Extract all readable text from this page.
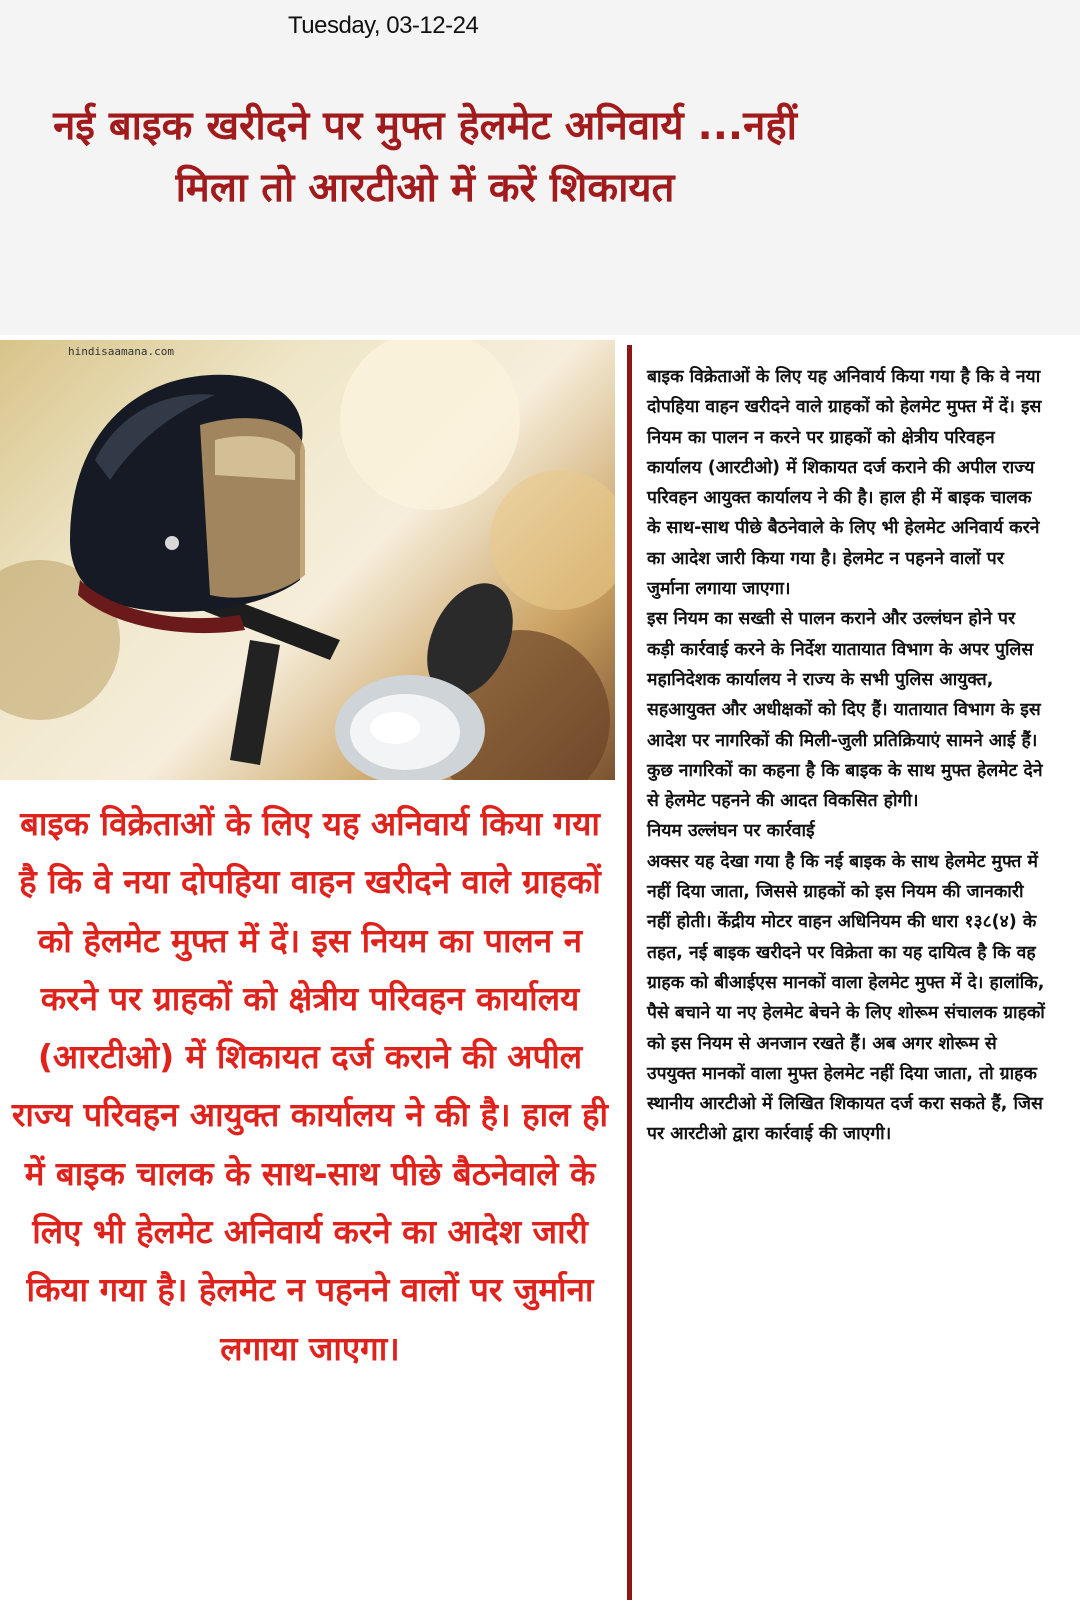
Tuesday, 03-12-24
नई बाइक खरीदने पर मुफ्त हेलमेट अनिवार्य ...नहीं मिला तो आरटीओ में करें शिकायत
hindisaamana.com
बाइक विक्रेताओं के लिए यह अनिवार्य किया गया है कि वे नया दोपहिया वाहन खरीदने वाले ग्राहकों को हेलमेट मुफ्त में दें। इस नियम का पालन न करने पर ग्राहकों को क्षेत्रीय परिवहन कार्यालय (आरटीओ) में शिकायत दर्ज कराने की अपील राज्य परिवहन आयुक्त कार्यालय ने की है। हाल ही में बाइक चालक के साथ-साथ पीछे बैठनेवाले के लिए भी हेलमेट अनिवार्य करने का आदेश जारी किया गया है। हेलमेट न पहनने वालों पर जुर्माना लगाया जाएगा।

बाइक विक्रेताओं के लिए यह अनिवार्य किया गया है कि वे नया दोपहिया वाहन खरीदने वाले ग्राहकों को हेलमेट मुफ्त में दें। इस नियम का पालन न करने पर ग्राहकों को क्षेत्रीय परिवहन कार्यालय (आरटीओ) में शिकायत दर्ज कराने की अपील राज्य परिवहन आयुक्त कार्यालय ने की है। हाल ही में बाइक चालक के साथ-साथ पीछे बैठनेवाले के लिए भी हेलमेट अनिवार्य करने का आदेश जारी किया गया है। हेलमेट न पहनने वालों पर जुर्माना लगाया जाएगा।

इस नियम का सख्ती से पालन कराने और उल्लंघन होने पर कड़ी कार्रवाई करने के निर्देश यातायात विभाग के अपर पुलिस महानिदेशक कार्यालय ने राज्य के सभी पुलिस आयुक्त, सहआयुक्त और अधीक्षकों को दिए हैं। यातायात विभाग के इस आदेश पर नागरिकों की मिली-जुली प्रतिक्रियाएं सामने आई हैं। कुछ नागरिकों का कहना है कि बाइक के साथ मुफ्त हेलमेट देने से हेलमेट पहनने की आदत विकसित होगी।

नियम उल्लंघन पर कार्रवाई

अक्सर यह देखा गया है कि नई बाइक के साथ हेलमेट मुफ्त में नहीं दिया जाता, जिससे ग्राहकों को इस नियम की जानकारी नहीं होती। केंद्रीय मोटर वाहन अधिनियम की धारा १३८(४) के तहत, नई बाइक खरीदने पर विक्रेता का यह दायित्व है कि वह ग्राहक को बीआईएस मानकों वाला हेलमेट मुफ्त में दे। हालांकि, पैसे बचाने या नए हेलमेट बेचने के लिए शोरूम संचालक ग्राहकों को इस नियम से अनजान रखते हैं। अब अगर शोरूम से उपयुक्त मानकों वाला मुफ्त हेलमेट नहीं दिया जाता, तो ग्राहक स्थानीय आरटीओ में लिखित शिकायत दर्ज करा सकते हैं, जिस पर आरटीओ द्वारा कार्रवाई की जाएगी।
